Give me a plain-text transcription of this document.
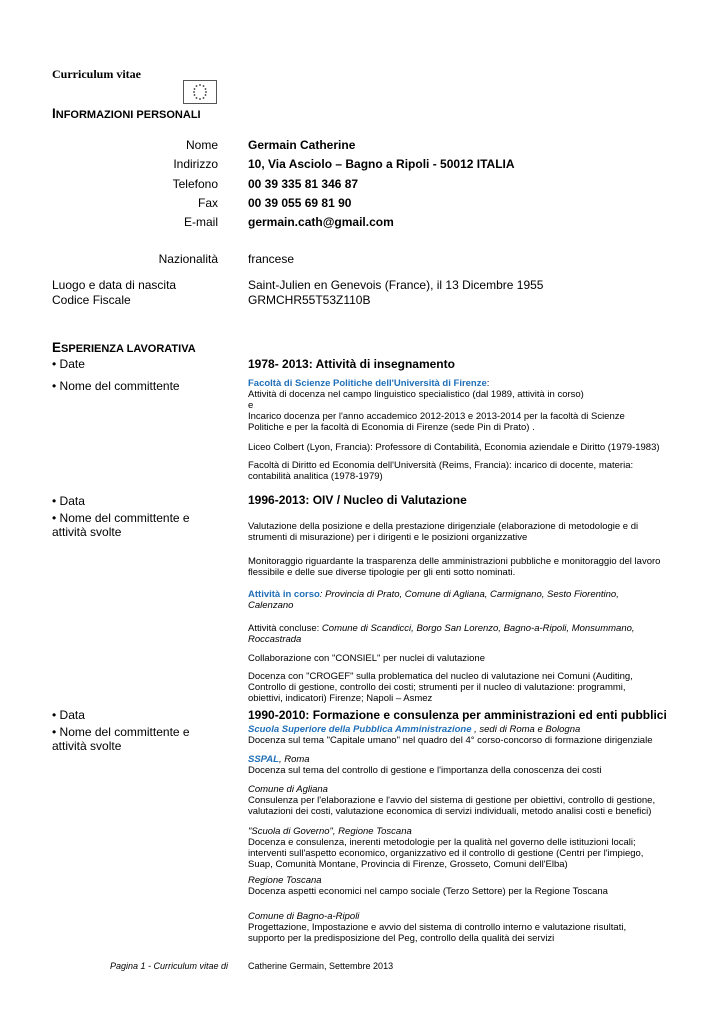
Curriculum vitae
INFORMAZIONI PERSONALI
Nome
Indirizzo
Telefono
Fax
E-mail
Nazionalità
Germain Catherine
10, Via Asciolo – Bagno a Ripoli - 50012 ITALIA
00 39 335 81 346 87
00 39 055 69 81 90
germain.cath@gmail.com
francese
Luogo e data di nascita	Saint-Julien en Genevois (France), il 13 Dicembre 1955
Codice Fiscale	GRMCHR55T53Z110B
ESPERIENZA LAVORATIVA
• Date
• Nome del committente
1978- 2013: Attività di insegnamento
Facoltà di Scienze Politiche dell'Università di Firenze:
Attività di docenza nel campo linguistico specialistico (dal 1989, attività in corso)
e
Incarico docenza per l'anno accademico 2012-2013 e 2013-2014 per la facoltà di Scienze
Politiche e per la facoltà di Economia di Firenze (sede Pin di Prato) .
Liceo Colbert (Lyon, Francia): Professore di Contabilità, Economia aziendale e Diritto (1979-1983)
Facoltà di Diritto ed Economia dell'Università (Reims, Francia): incarico di docente, materia:
contabilità analitica (1978-1979)
• Data
• Nome del committente e
attività svolte
1996-2013: OIV / Nucleo di Valutazione
Valutazione della posizione e della prestazione dirigenziale (elaborazione di metodologie e di
strumenti di misurazione) per i dirigenti e le posizioni organizzative
Monitoraggio riguardante la trasparenza delle amministrazioni pubbliche e monitoraggio del lavoro
flessibile e delle sue diverse tipologie per gli enti sotto nominati.
Attività in corso: Provincia di Prato, Comune di Agliana, Carmignano, Sesto Fiorentino,
Calenzano
Attività concluse: Comune di Scandicci, Borgo San Lorenzo, Bagno-a-Ripoli, Monsummano,
Roccastrada
Collaborazione con "CONSIEL" per nuclei di valutazione
Docenza con "CROGEF" sulla problematica del nucleo di valutazione nei Comuni (Auditing,
Controllo di gestione, controllo dei costi; strumenti per il nucleo di valutazione: programmi,
obiettivi, indicatori) Firenze; Napoli – Asmez
• Data
• Nome del committente e
attività svolte
1990-2010: Formazione e consulenza per amministrazioni ed enti pubblici
Scuola Superiore della Pubblica Amministrazione , sedi di Roma e Bologna
Docenza sul tema "Capitale umano" nel quadro del 4° corso-concorso di formazione dirigenziale
SSPAL, Roma
Docenza sul tema del controllo di gestione e l'importanza della conoscenza dei costi
Comune di Agliana
Consulenza per l'elaborazione e l'avvio del sistema di gestione per obiettivi, controllo di gestione,
valutazioni dei costi, valutazione economica di servizi individuali, metodo analisi costi e benefici)
"Scuola di Governo", Regione Toscana
Docenza e consulenza, inerenti metodologie per la qualità nel governo delle istituzioni locali;
interventi sull'aspetto economico, organizzativo ed il controllo di gestione (Centri per l'impiego,
Suap, Comunità Montane, Provincia di Firenze, Grosseto, Comuni dell'Elba)
Regione Toscana
Docenza aspetti economici nel campo sociale (Terzo Settore) per la Regione Toscana
Comune di Bagno-a-Ripoli
Progettazione, Impostazione e avvio del sistema di controllo interno e valutazione risultati,
supporto per la predisposizione del Peg, controllo della qualità dei servizi
Pagina 1 - Curriculum vitae di Catherine Germain, Settembre 2013
